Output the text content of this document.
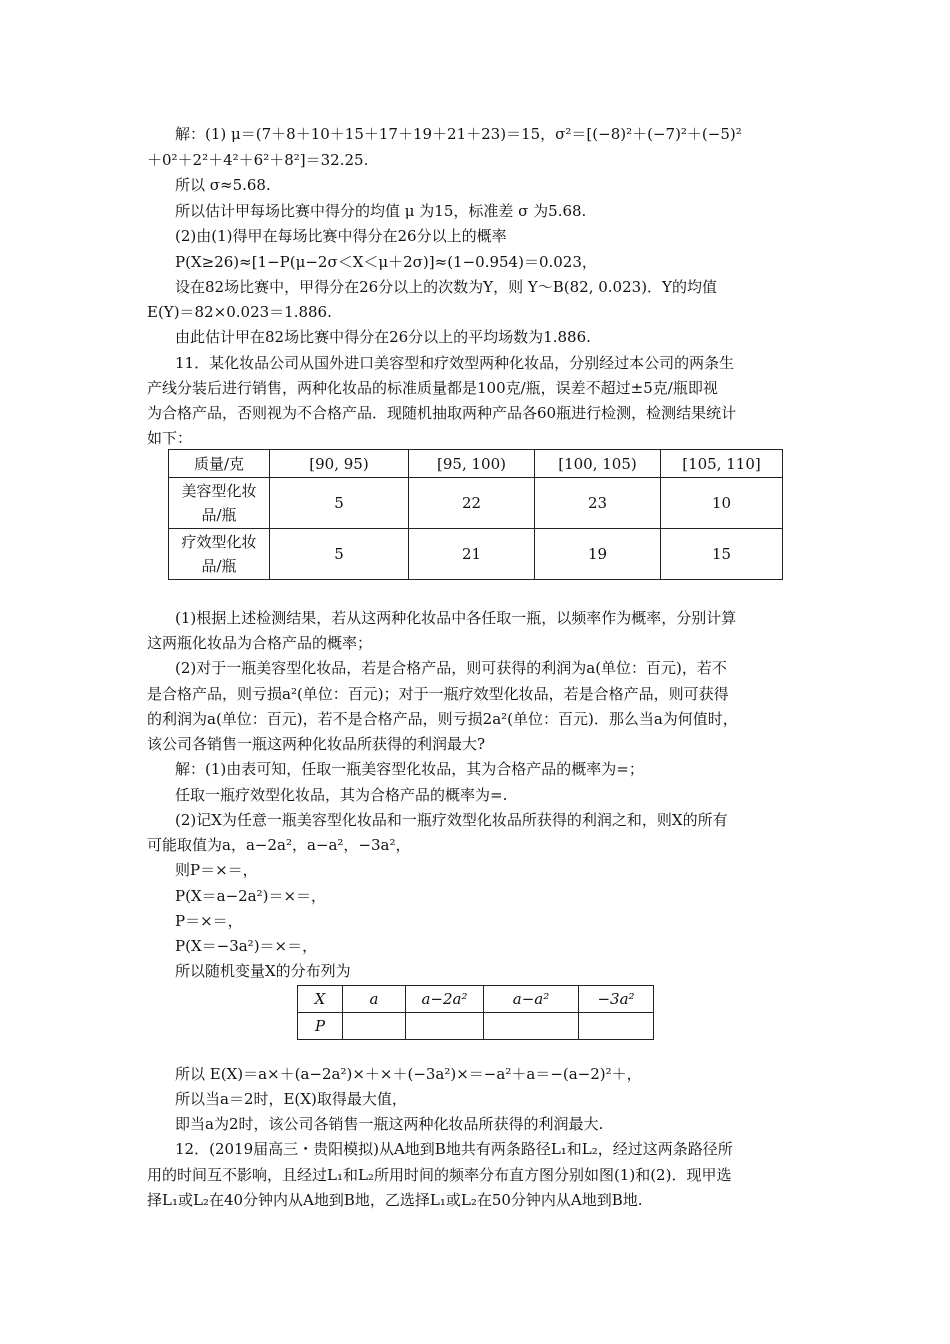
解：(1) μ＝(7＋8＋10＋15＋17＋19＋21＋23)＝15，σ²＝[(−8)²＋(−7)²＋(−5)²
＋0²＋2²＋4²＋6²＋8²]＝32.25.
所以 σ≈5.68.
所以估计甲每场比赛中得分的均值 μ 为15，标准差 σ 为5.68.
(2)由(1)得甲在每场比赛中得分在26分以上的概率
P(X≥26)≈[1−P(μ−2σ＜X＜μ＋2σ)]≈(1−0.954)＝0.023，
设在82场比赛中，甲得分在26分以上的次数为Y，则 Y～B(82, 0.023)．Y的均值
E(Y)＝82×0.023＝1.886.
由此估计甲在82场比赛中得分在26分以上的平均场数为1.886.
11．某化妆品公司从国外进口美容型和疗效型两种化妆品，分别经过本公司的两条生
产线分装后进行销售，两种化妆品的标准质量都是100克/瓶，误差不超过±5克/瓶即视
为合格产品，否则视为不合格产品．现随机抽取两种产品各60瓶进行检测，检测结果统计
如下：
质量/克	[90, 95)	[95, 100)	[100, 105)	[105, 110]
美容型化妆
品/瓶	5	22	23	10
疗效型化妆
品/瓶	5	21	19	15
(1)根据上述检测结果，若从这两种化妆品中各任取一瓶，以频率作为概率，分别计算
这两瓶化妆品为合格产品的概率；
(2)对于一瓶美容型化妆品，若是合格产品，则可获得的利润为a(单位：百元)，若不
是合格产品，则亏损a²(单位：百元)；对于一瓶疗效型化妆品，若是合格产品，则可获得
的利润为a(单位：百元)，若不是合格产品，则亏损2a²(单位：百元)．那么当a为何值时，
该公司各销售一瓶这两种化妆品所获得的利润最大?
解：(1)由表可知，任取一瓶美容型化妆品，其为合格产品的概率为=；
任取一瓶疗效型化妆品，其为合格产品的概率为=.
(2)记X为任意一瓶美容型化妆品和一瓶疗效型化妆品所获得的利润之和，则X的所有
可能取值为a，a−2a²，a−a²，−3a²，
则P＝×＝，
P(X＝a−2a²)＝×＝，
P＝×＝，
P(X＝−3a²)＝×＝，
所以随机变量X的分布列为
X	a	a−2a²	a−a²	−3a²
P				
所以 E(X)＝a×＋(a−2a²)×＋×＋(−3a²)×＝−a²＋a＝−(a−2)²＋，
所以当a＝2时，E(X)取得最大值，
即当a为2时，该公司各销售一瓶这两种化妆品所获得的利润最大.
12．(2019届高三・贵阳模拟)从A地到B地共有两条路径L₁和L₂，经过这两条路径所
用的时间互不影响，且经过L₁和L₂所用时间的频率分布直方图分别如图(1)和(2)．现甲选
择L₁或L₂在40分钟内从A地到B地，乙选择L₁或L₂在50分钟内从A地到B地.
